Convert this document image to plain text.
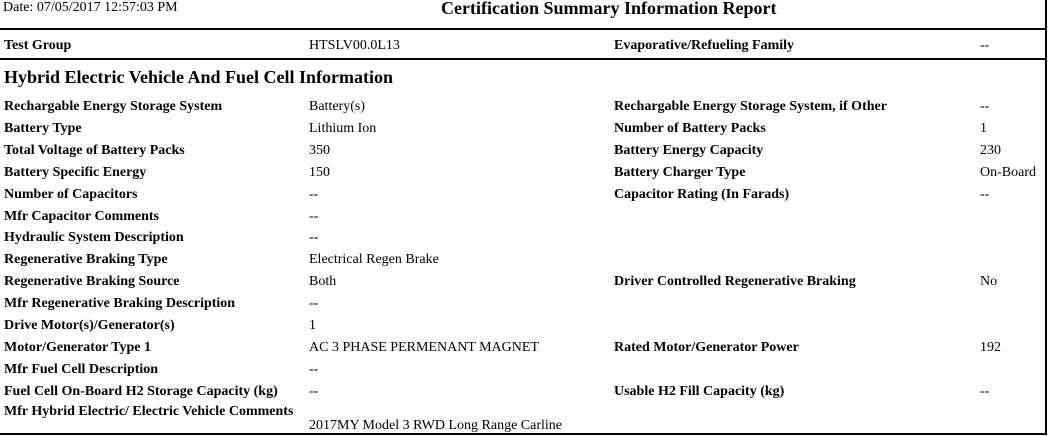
Date: 07/05/2017 12:57:03 PM	Certification Summary Information Report
Test Group	HTSLV00.0L13	Evaporative/Refueling Family	--
Hybrid Electric Vehicle And Fuel Cell Information
Rechargable Energy Storage System	Battery(s)	Rechargable Energy Storage System, if Other	--
Battery Type	Lithium Ion	Number of Battery Packs	1
Total Voltage of Battery Packs	350	Battery Energy Capacity	230
Battery Specific Energy	150	Battery Charger Type	On-Board
Number of Capacitors	--	Capacitor Rating (In Farads)	--
Mfr Capacitor Comments	--
Hydraulic System Description	--
Regenerative Braking Type	Electrical Regen Brake
Regenerative Braking Source	Both	Driver Controlled Regenerative Braking	No
Mfr Regenerative Braking Description	--
Drive Motor(s)/Generator(s)	1
Motor/Generator Type 1	AC 3 PHASE PERMENANT MAGNET	Rated Motor/Generator Power	192
Mfr Fuel Cell Description	--
Fuel Cell On-Board H2 Storage Capacity (kg) --	Usable H2 Fill Capacity (kg)	--
Mfr Hybrid Electric/ Electric Vehicle Comments
2017MY Model 3 RWD Long Range Carline
